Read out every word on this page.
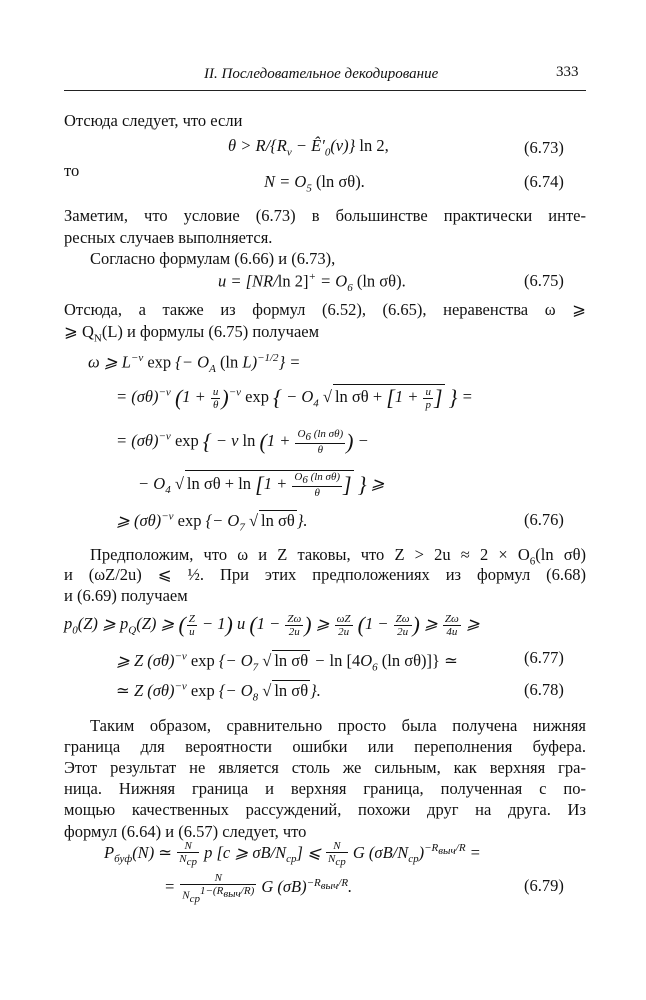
II. Последовательное декодирование	333
Отсюда следует, что если
$\theta > R/\{R_\nu$ − $Ê'_0(\nu)$} ln 2,	(6.73)
то
$N = O_5$ (ln σθ).	(6.74)
Заметим, что условие (6.73) в большинстве практически инте-
ресных случаев выполняется.
Согласно формулам (6.66) и (6.73),
u = [NR/ln $2]^+ = O_6$ (ln σθ).	(6.75)
Отсюда, а также из формул (6.52), (6.65), неравенства ω ⩾
⩾ $Q_N(L)$ и формулы (6.75) получаем
ω ⩾ $L^{-\nu}$ exp {− $O_A$ (ln L)$^{-1/2}$} =
= $(\sigma\theta)^{-\nu}$ $(1 + \frac{u}{\theta} )^{-\nu}$ exp { − $O_4$ √ $\ln \sigma\theta + [1 + \frac{u}{p}$ ] } =
= $(\sigma\theta)^{-\nu}$ exp { − ν $\ln (1 + \frac{O_6 (\ln \sigma\theta)}{\theta}$ ) −
− $O_4$ √ $\ln \sigma\theta + \ln [1 + \frac{O_6 (\ln \sigma\theta)}{\theta}$ ] } ⩾
⩾ $(\sigma\theta)^{-\nu}$ exp {− $O_7$ √ ln σθ }.	(6.76)
Предположим, что ω и Z таковы, что $Z > 2u \approx 2 \times O_6(\ln$ σθ)
и (ωZ/2u) ⩽ ½. При этих предположениях из формул (6.68)
и (6.69) получаем
$p_0(Z)$ ⩾ $p_Q(Z)$ ⩾ ( $\frac{Z}{u} - 1$) u ($1 - \frac{Z\omega}{2u}$ ) ⩾ $\frac{\omega Z}{2u} (1 - \frac{Z\omega}{2u}$ ) ⩾ $\frac{Z\omega}{4u}$ ⩾
⩾ Z $(\sigma\theta)^{-\nu}$ exp {− $O_7$ √ $\ln \sigma\theta - \ln [4O_6$ (ln σθ)]} ≃	(6.77)
≃ Z $(\sigma\theta)^{-\nu}$ exp {− $O_8$ √ ln σθ }.	(6.78)
Таким образом, сравнительно просто была получена нижняя
граница для вероятности ошибки или переполнения буфера.
Этот результат не является столь же сильным, как верхняя гра-
ница. Нижняя граница и верхняя граница, полученная с по-
мощью качественных рассуждений, похожи друг на друга. Из
формул (6.64) и (6.57) следует, что
$P_{буф}(N)$ ≃ $\frac{N}{N_{ср}}$ p [c ⩾ $\sigma B/N_{ср}$] ⩽ $\frac{N}{N_{ср}}$ G $(\sigma B/N_{ср})^{-R_{выч}/R}$ =
= $\frac{N}{N_{ср}^{1-(R_{выч}/R)}}$ G $(\sigma B)^{-R_{выч}/R}$.	(6.79)
